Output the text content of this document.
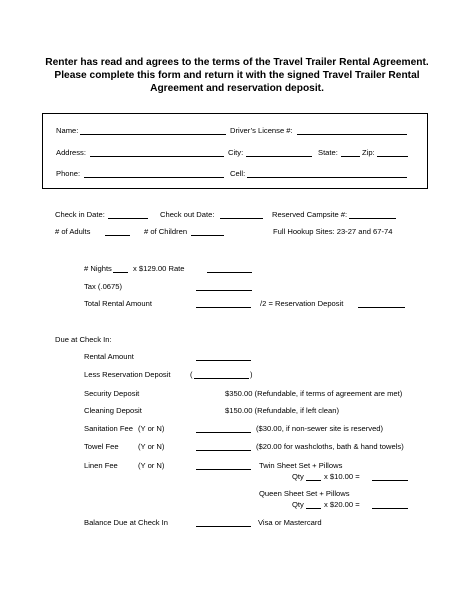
Renter has read and agrees to the terms of the Travel Trailer Rental Agreement.
Please complete this form and return it with the signed Travel Trailer Rental
Agreement and reservation deposit.
Name:	Driver’s License #:
Address:	City:	State:	Zip:
Phone:	Cell:
Check in Date:	Check out Date:	Reserved Campsite #:
# of Adults	# of Children	Full Hookup Sites: 23-27 and 67-74
# Nights	x $129.00 Rate
Tax (.0675)
Total Rental Amount	/2 = Reservation Deposit
Due at Check In:
Rental Amount
Less Reservation Deposit	(	)
Security Deposit	$350.00 (Refundable, if terms of agreement are met)
Cleaning Deposit	$150.00 (Refundable, if left clean)
Sanitation Fee (Y or N)	($30.00, if non-sewer site is reserved)
Towel Fee	(Y or N)	($20.00 for washcloths, bath & hand towels)
Linen Fee	(Y or N)	Twin Sheet Set + Pillows
Qty	x $10.00 =
Queen Sheet Set + Pillows
Qty	x $20.00 =
Balance Due at Check In	Visa or Mastercard
